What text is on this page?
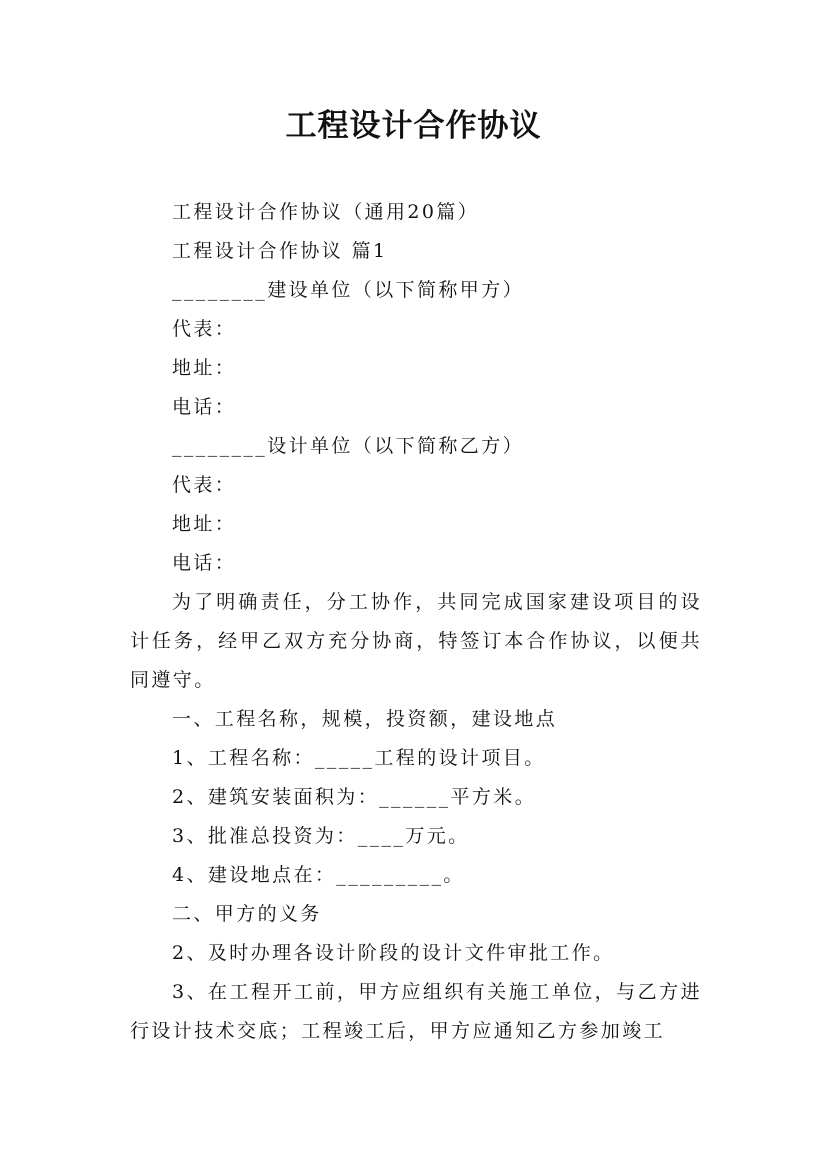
工程设计合作协议

工程设计合作协议（通用20篇）

工程设计合作协议 篇1

________建设单位（以下简称甲方）

代表：

地址：

电话：

________设计单位（以下简称乙方）

代表：

地址：

电话：

为了明确责任，分工协作，共同完成国家建设项目的设计任务，经甲乙双方充分协商，特签订本合作协议，以便共同遵守。

一、工程名称，规模，投资额，建设地点

1、工程名称：_____工程的设计项目。

2、建筑安装面积为：______平方米。

3、批准总投资为：____万元。

4、建设地点在：_________。

二、甲方的义务

2、及时办理各设计阶段的设计文件审批工作。

3、在工程开工前，甲方应组织有关施工单位，与乙方进行设计技术交底；工程竣工后，甲方应通知乙方参加竣工
